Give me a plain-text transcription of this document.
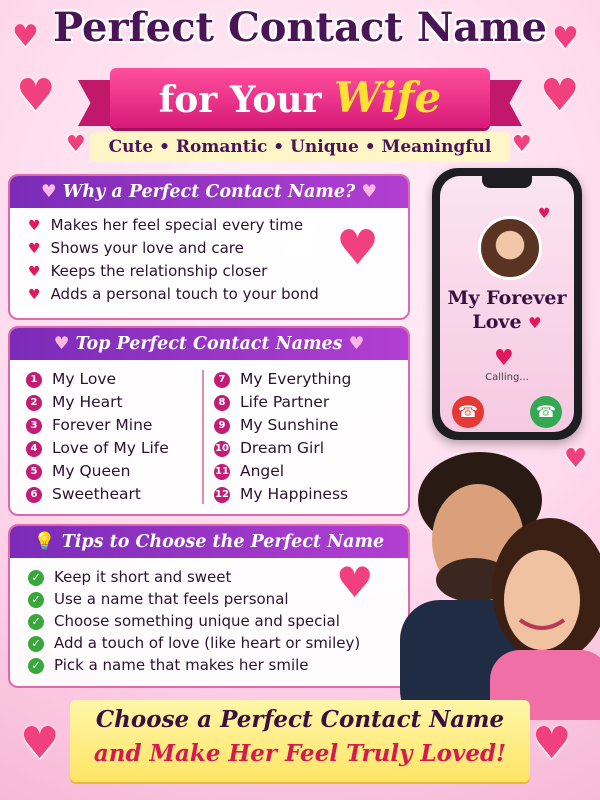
♥
♥
♥
♥
♥	♥
♥
♥	♥
Perfect Contact Name
for Your Wife
Cute • Romantic • Unique • Meaningful
♥ Why a Perfect Contact Name? ♥
♥ Makes her feel special every time
♥ Shows your love and care
♥ Keeps the relationship closer
♥ Adds a personal touch to your bond
♥
♥ Top Perfect Contact Names ♥
1 My Love
2 My Heart
3 Forever Mine
4 Love of My Life
5 My Queen
6 Sweetheart
7 My Everything
8 Life Partner
9 My Sunshine
10 Dream Girl
11 Angel
12 My Happiness
💡 Tips to Choose the Perfect Name
✓ Keep it short and sweet
✓ Use a name that feels personal
✓ Choose something unique and special
✓ Add a touch of love (like heart or smiley)
✓ Pick a name that makes her smile
♥
♥
My Forever
Love ♥
♥
Calling...
☎	☎
Choose a Perfect Contact Name
and Make Her Feel Truly Loved!
